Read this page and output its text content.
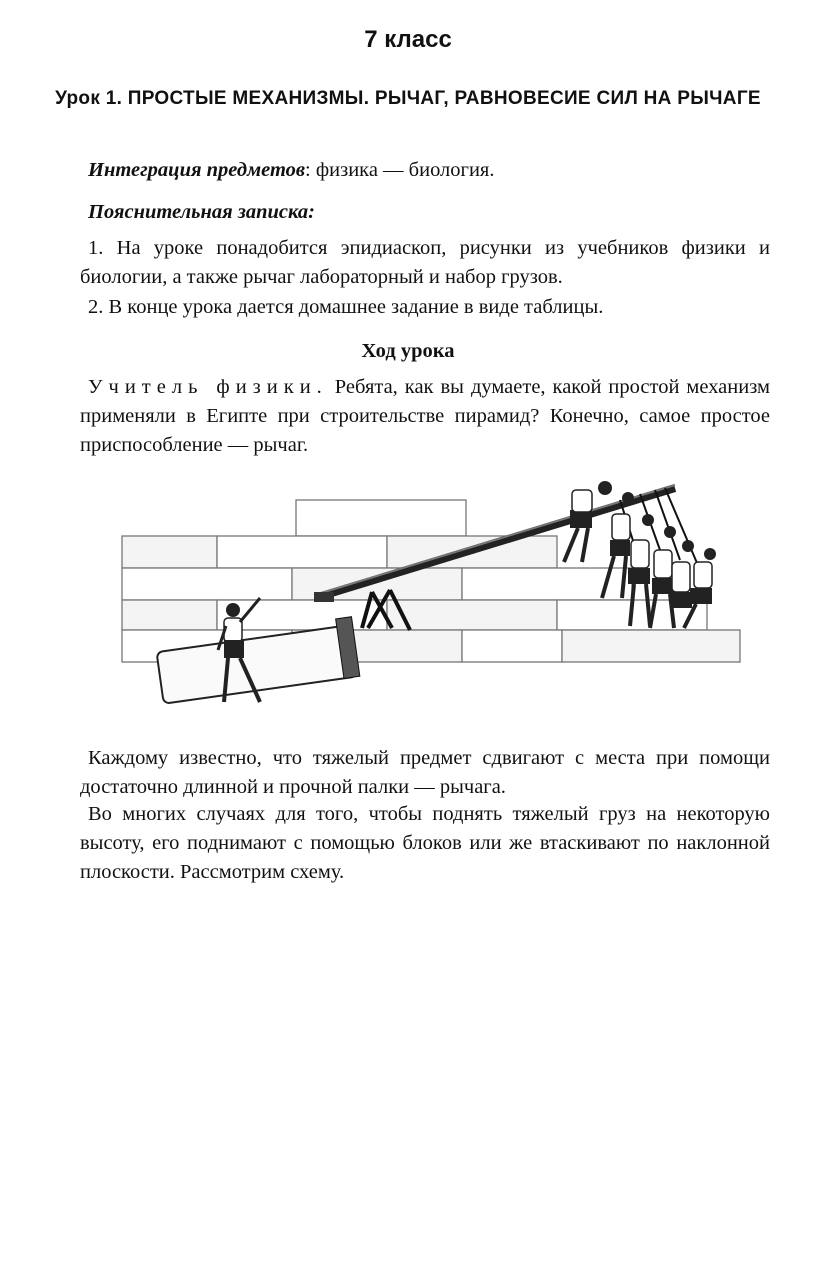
7 класс
Урок 1. ПРОСТЫЕ МЕХАНИЗМЫ. РЫЧАГ, РАВНОВЕСИЕ СИЛ НА РЫЧАГЕ
Интеграция предметов: физика — биология.
Пояснительная записка:
1. На уроке понадобится эпидиаскоп, рисунки из учебников физики и биологии, а также рычаг лабораторный и набор грузов.
2. В конце урока дается домашнее задание в виде таблицы.
Ход урока
Учитель физики. Ребята, как вы думаете, какой простой механизм применяли в Египте при строительстве пирамид? Конечно, самое простое приспособление — рычаг.
Каждому известно, что тяжелый предмет сдвигают с места при помощи достаточно длинной и прочной палки — рычага.
Во многих случаях для того, чтобы поднять тяжелый груз на некоторую высоту, его поднимают с помощью блоков или же втаскивают по наклонной плоскости. Рассмотрим схему.
